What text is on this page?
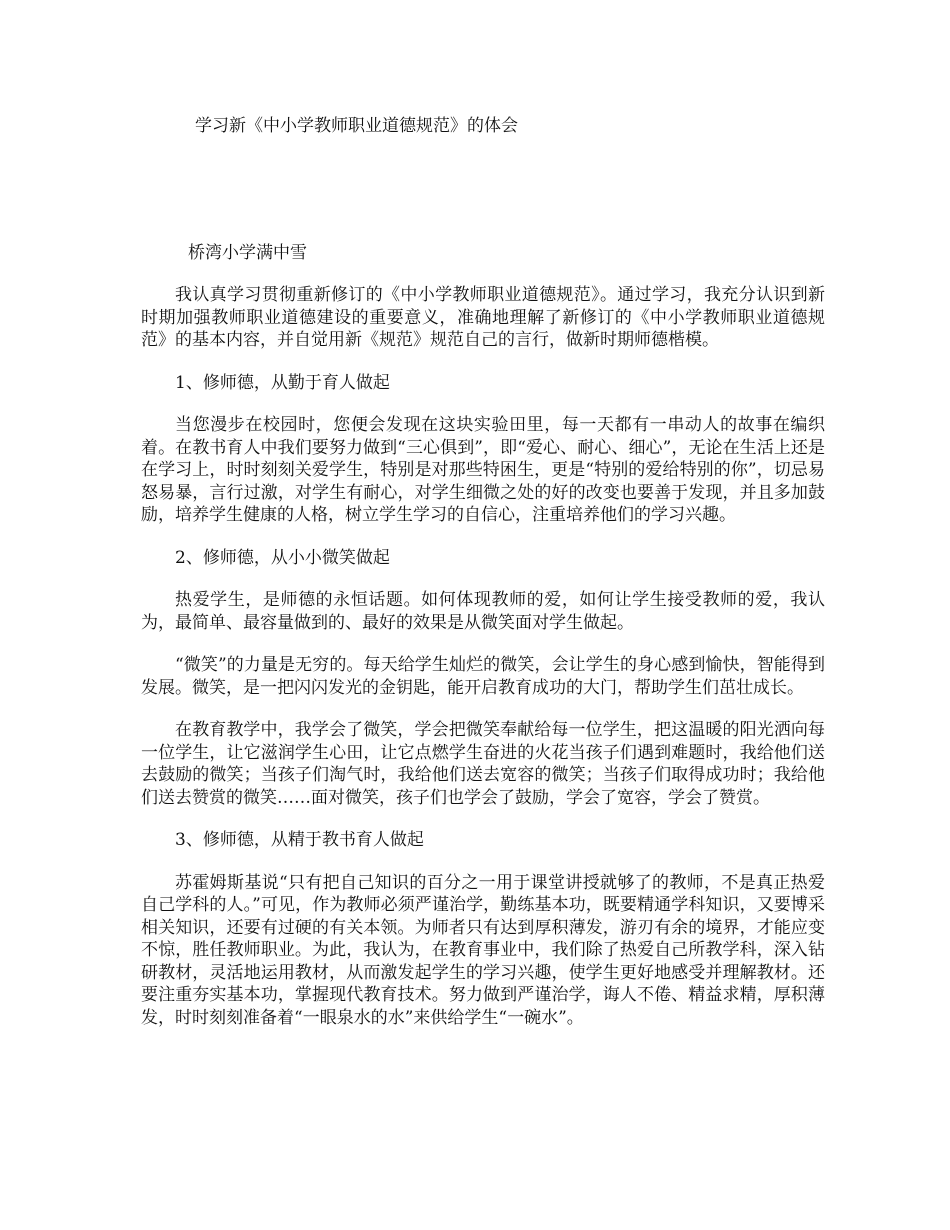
学习新《中小学教师职业道德规范》的体会
桥湾小学满中雪

我认真学习贯彻重新修订的《中小学教师职业道德规范》。通过学习，我充分认识到新时期加强教师职业道德建设的重要意义，准确地理解了新修订的《中小学教师职业道德规范》的基本内容，并自觉用新《规范》规范自己的言行，做新时期师德楷模。

1、修师德，从勤于育人做起

当您漫步在校园时，您便会发现在这块实验田里，每一天都有一串动人的故事在编织着。在教书育人中我们要努力做到“三心俱到”，即“爱心、耐心、细心”，无论在生活上还是在学习上，时时刻刻关爱学生，特别是对那些特困生，更是“特别的爱给特别的你”，切忌易怒易暴，言行过激，对学生有耐心，对学生细微之处的好的改变也要善于发现，并且多加鼓励，培养学生健康的人格，树立学生学习的自信心，注重培养他们的学习兴趣。

2、修师德，从小小微笑做起

热爱学生，是师德的永恒话题。如何体现教师的爱，如何让学生接受教师的爱，我认为，最简单、最容量做到的、最好的效果是从微笑面对学生做起。

“微笑”的力量是无穷的。每天给学生灿烂的微笑，会让学生的身心感到愉快，智能得到发展。微笑，是一把闪闪发光的金钥匙，能开启教育成功的大门，帮助学生们茁壮成长。

在教育教学中，我学会了微笑，学会把微笑奉献给每一位学生，把这温暖的阳光洒向每一位学生，让它滋润学生心田，让它点燃学生奋进的火花当孩子们遇到难题时，我给他们送去鼓励的微笑；当孩子们淘气时，我给他们送去宽容的微笑；当孩子们取得成功时；我给他们送去赞赏的微笑……面对微笑，孩子们也学会了鼓励，学会了宽容，学会了赞赏。

3、修师德，从精于教书育人做起

苏霍姆斯基说“只有把自己知识的百分之一用于课堂讲授就够了的教师，不是真正热爱自己学科的人。”可见，作为教师必须严谨治学，勤练基本功，既要精通学科知识，又要博采相关知识，还要有过硬的有关本领。为师者只有达到厚积薄发，游刃有余的境界，才能应变不惊，胜任教师职业。为此，我认为，在教育事业中，我们除了热爱自己所教学科，深入钻研教材，灵活地运用教材，从而激发起学生的学习兴趣，使学生更好地感受并理解教材。还要注重夯实基本功，掌握现代教育技术。努力做到严谨治学，诲人不倦、精益求精，厚积薄发，时时刻刻准备着“一眼泉水的水”来供给学生“一碗水”。
